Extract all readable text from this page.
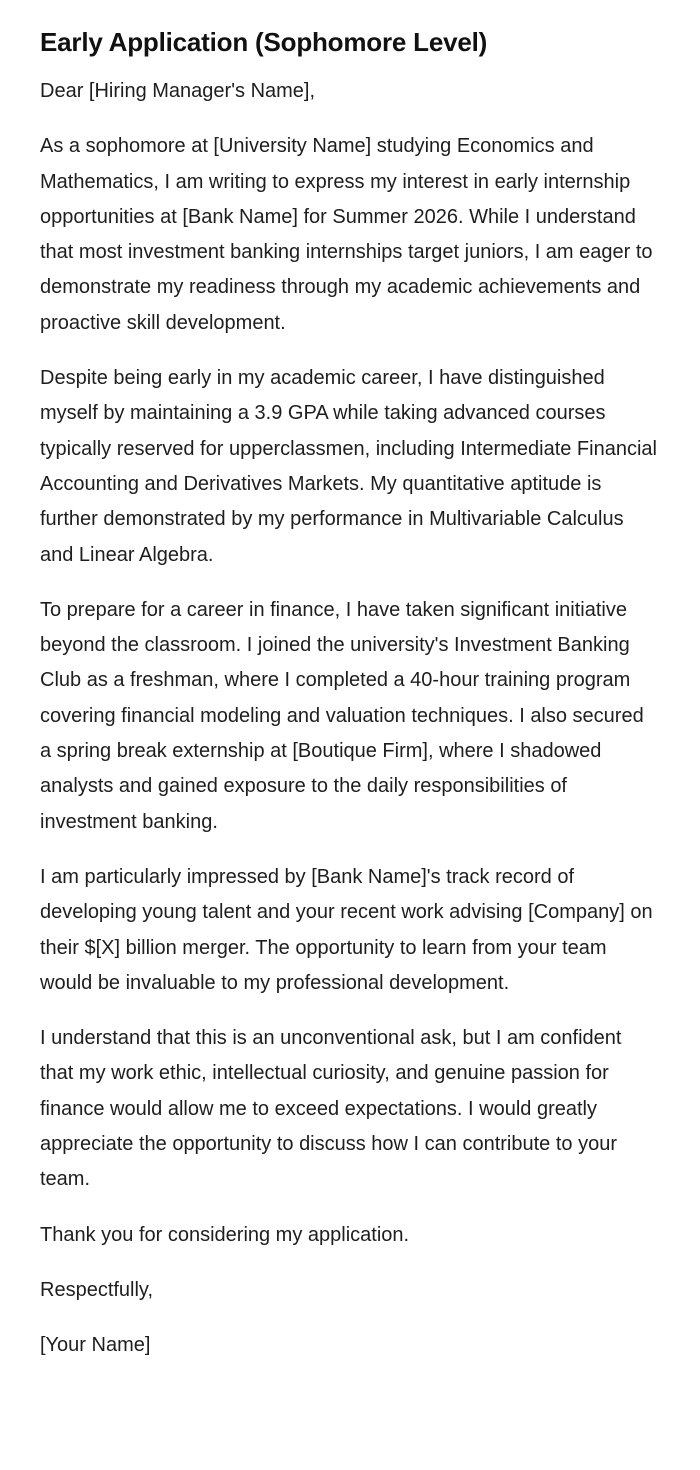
Early Application (Sophomore Level)

Dear [Hiring Manager's Name],

As a sophomore at [University Name] studying Economics and Mathematics, I am writing to express my interest in early internship opportunities at [Bank Name] for Summer 2026. While I understand that most investment banking internships target juniors, I am eager to demonstrate my readiness through my academic achievements and proactive skill development.

Despite being early in my academic career, I have distinguished myself by maintaining a 3.9 GPA while taking advanced courses typically reserved for upperclassmen, including Intermediate Financial Accounting and Derivatives Markets. My quantitative aptitude is further demonstrated by my performance in Multivariable Calculus and Linear Algebra.

To prepare for a career in finance, I have taken significant initiative beyond the classroom. I joined the university's Investment Banking Club as a freshman, where I completed a 40-hour training program covering financial modeling and valuation techniques. I also secured a spring break externship at [Boutique Firm], where I shadowed analysts and gained exposure to the daily responsibilities of investment banking.

I am particularly impressed by [Bank Name]'s track record of developing young talent and your recent work advising [Company] on their $[X] billion merger. The opportunity to learn from your team would be invaluable to my professional development.

I understand that this is an unconventional ask, but I am confident that my work ethic, intellectual curiosity, and genuine passion for finance would allow me to exceed expectations. I would greatly appreciate the opportunity to discuss how I can contribute to your team.

Thank you for considering my application.

Respectfully,

[Your Name]
